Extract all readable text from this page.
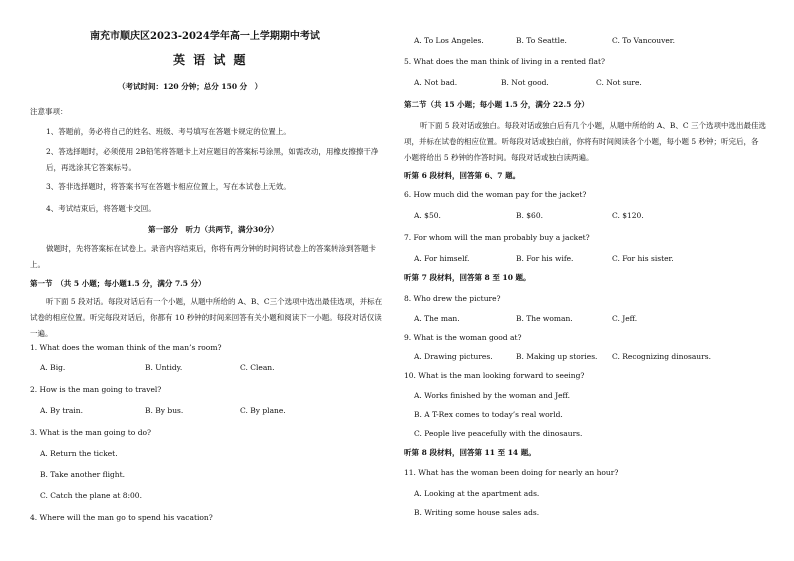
南充市顺庆区2023-2024学年高一上学期期中考试
英 语 试 题
（考试时间：120 分钟；总分 150 分　）
注意事项：
1、答题前，务必将自己的姓名、班级、考号填写在答题卡规定的位置上。
2、答选择题时，必须使用 2B铅笔将答题卡上对应题目的答案标号涂黑，如需改动，用橡皮擦擦干净后，再选涂其它答案标号。
3、答非选择题时，将答案书写在答题卡相应位置上，写在本试卷上无效。
4、考试结束后，将答题卡交回。
第一部分　听力（共两节，满分30分）
做题时，先将答案标在试卷上。录音内容结束后，你将有两分钟的时间将试卷上的答案转涂到答题卡上。
第一节　（共 5 小题；每小题1.5 分，满分 7.5 分）
听下面 5 段对话。每段对话后有一个小题，从题中所给的 A、B、C三个选项中选出最佳选项，并标在试卷的相应位置。听完每段对话后，你都有 10 秒钟的时间来回答有关小题和阅读下一小题。每段对话仅读一遍。
1. What does the woman think of the man’s room?
A. Big.	B. Untidy.	C. Clean.
2. How is the man going to travel?
A. By train.	B. By bus.	C. By plane.
3. What is the man going to do?
A. Return the ticket.
B. Take another flight.
C. Catch the plane at 8:00.
4. Where will the man go to spend his vacation?
A. To Los Angeles.	B. To Seattle.	C. To Vancouver.
5. What does the man think of living in a rented flat?
A. Not bad.	B. Not good.	C. Not sure.
第二节（共 15 小题；每小题 1.5 分，满分 22.5 分）
听下面 5 段对话或独白。每段对话或独白后有几个小题，从题中所给的 A、B、C 三个选项中选出最佳选项，并标在试卷的相应位置。听每段对话或独白前，你将有时间阅读各个小题，每小题 5 秒钟；听完后，各小题将给出 5 秒钟的作答时间。每段对话或独白读两遍。
听第 6 段材料，回答第 6、7 题。
6. How much did the woman pay for the jacket?
A. $50.	B. $60.	C. $120.
7. For whom will the man probably buy a jacket?
A. For himself.	B. For his wife.	C. For his sister.
听第 7 段材料，回答第 8 至 10 题。
8. Who drew the picture?
A. The man.	B. The woman.	C. Jeff.
9. What is the woman good at?
A. Drawing pictures.	B. Making up stories. C. Recognizing dinosaurs.
10. What is the man looking forward to seeing?
A. Works finished by the woman and Jeff.
B. A T-Rex comes to today’s real world.
C. People live peacefully with the dinosaurs.
听第 8 段材料，回答第 11 至 14 题。
11. What has the woman been doing for nearly an hour?
A. Looking at the apartment ads.
B. Writing some house sales ads.
